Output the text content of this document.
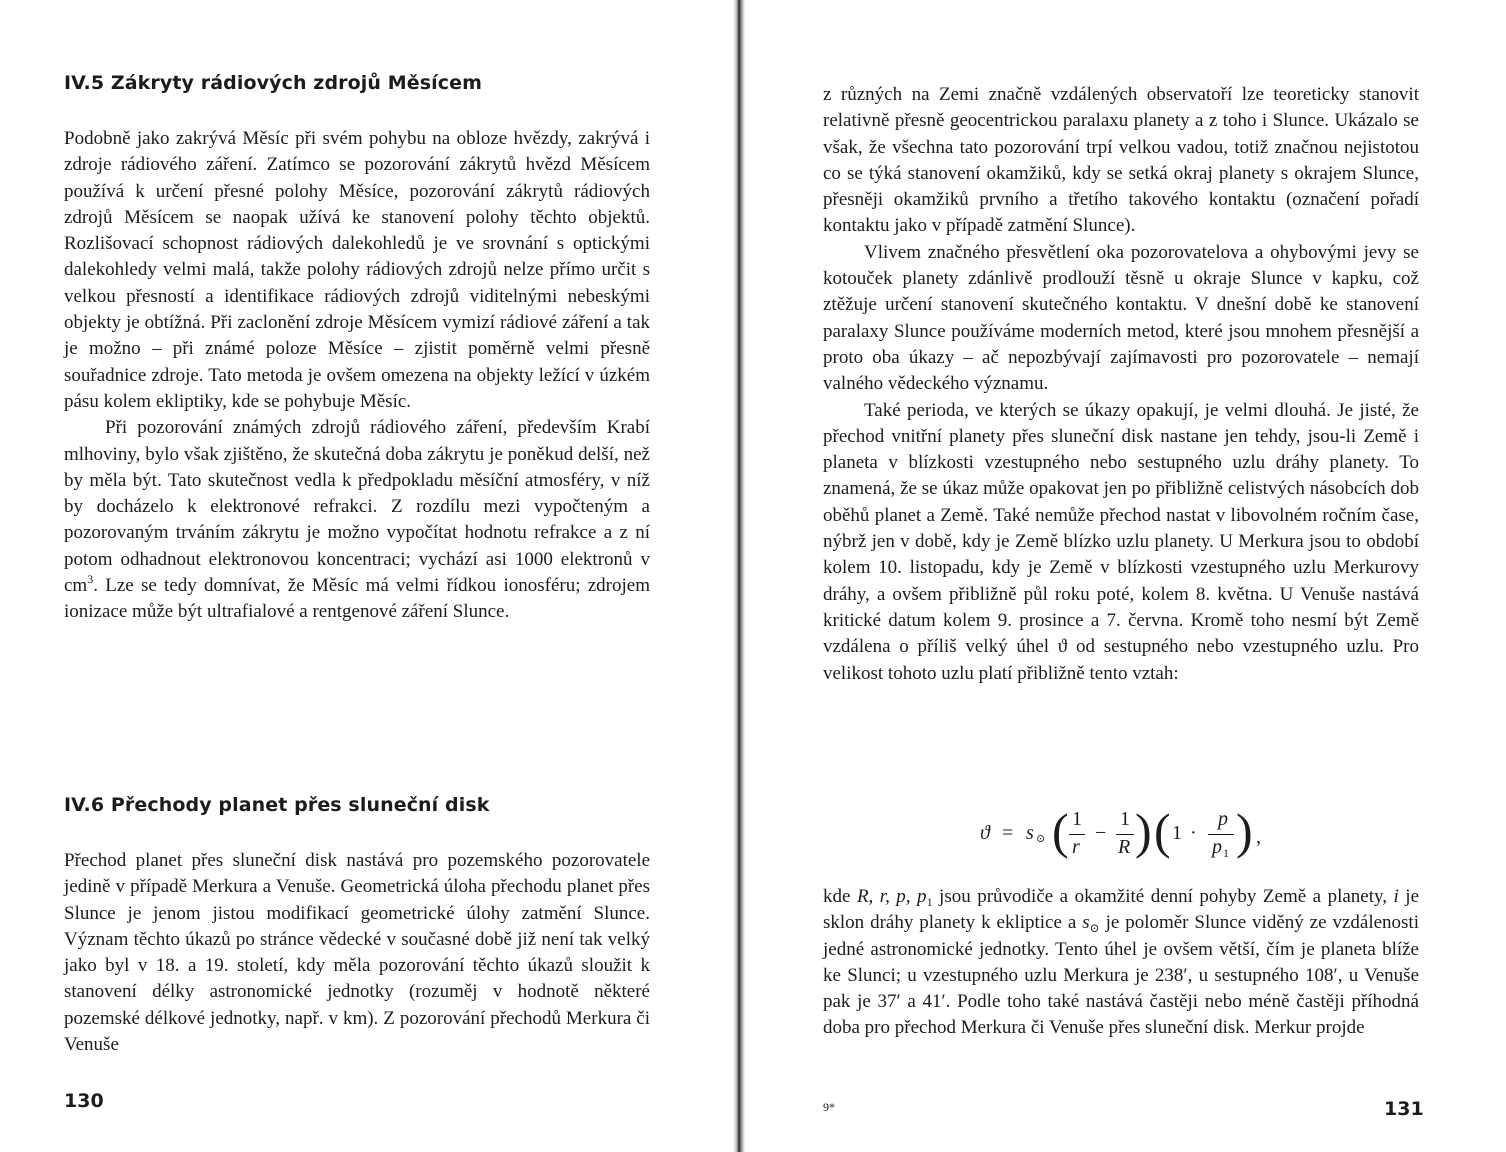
IV.5 Zákryty rádiových zdrojů Měsícem

Podobně jako zakrývá Měsíc při svém pohybu na obloze hvězdy, zakrývá i zdroje rádiového záření. Zatímco se pozorování zákrytů hvězd Měsícem používá k určení přesné polohy Měsíce, pozorování zákrytů rádiových zdrojů Měsícem se naopak užívá ke stanovení polohy těchto objektů. Rozlišovací schopnost rádiových dalekohledů je ve srovnání s optickými dalekohledy velmi malá, takže polohy rádiových zdrojů nelze přímo určit s velkou přesností a identifikace rádiových zdrojů viditelnými nebeskými objekty je obtížná. Při zaclonění zdroje Měsícem vymizí rádiové záření a tak je možno – při známé poloze Měsíce – zjistit poměrně velmi přesně souřadnice zdroje. Tato metoda je ovšem omezena na objekty ležící v úzkém pásu kolem ekliptiky, kde se pohybuje Měsíc.

Při pozorování známých zdrojů rádiového záření, především Krabí mlhoviny, bylo však zjištěno, že skutečná doba zákrytu je poněkud delší, než by měla být. Tato skutečnost vedla k předpokladu měsíční atmosféry, v níž by docházelo k elektronové refrakci. Z rozdílu mezi vypočteným a pozorovaným trváním zákrytu je možno vypočítat hodnotu refrakce a z ní potom odhadnout elektronovou koncentraci; vychází asi 1000 elektronů v $cm^3$. Lze se tedy domnívat, že Měsíc má velmi řídkou ionosféru; zdrojem ionizace může být ultrafialové a rentgenové záření Slunce.

IV.6 Přechody planet přes sluneční disk

Přechod planet přes sluneční disk nastává pro pozemského pozorovatele jedině v případě Merkura a Venuše. Geometrická úloha přechodu planet přes Slunce je jenom jistou modifikací geometrické úlohy zatmění Slunce. Význam těchto úkazů po stránce vědecké v současné době již není tak velký jako byl v 18. a 19. století, kdy měla pozorování těchto úkazů sloužit k stanovení délky astronomické jednotky (rozuměj v hodnotě některé pozemské délkové jednotky, např. v km). Z pozorování přechodů Merkura či Venuše

130

z různých na Zemi značně vzdálených observatoří lze teoreticky stanovit relativně přesně geocentrickou paralaxu planety a z toho i Slunce. Ukázalo se však, že všechna tato pozorování trpí velkou vadou, totiž značnou nejistotou co se týká stanovení okamžiků, kdy se setká okraj planety s okrajem Slunce, přesněji okamžiků prvního a třetího takového kontaktu (označení pořadí kontaktu jako v případě zatmění Slunce).

Vlivem značného přesvětlení oka pozorovatelova a ohybovými jevy se kotouček planety zdánlivě prodlouží těsně u okraje Slunce v kapku, což ztěžuje určení stanovení skutečného kontaktu. V dnešní době ke stanovení paralaxy Slunce používáme moderních metod, které jsou mnohem přesnější a proto oba úkazy – ač nepozbývají zajímavosti pro pozorovatele – nemají valného vědeckého významu.

Také perioda, ve kterých se úkazy opakují, je velmi dlouhá. Je jisté, že přechod vnitřní planety přes sluneční disk nastane jen tehdy, jsou-li Země i planeta v blízkosti vzestupného nebo sestupného uzlu dráhy planety. To znamená, že se úkaz může opakovat jen po přibližně celistvých násobcích dob oběhů planet a Země. Také nemůže přechod nastat v libovolném ročním čase, nýbrž jen v době, kdy je Země blízko uzlu planety. U Merkura jsou to období kolem 10. listopadu, kdy je Země v blízkosti vzestupného uzlu Merkurovy dráhy, a ovšem přibližně půl roku poté, kolem 8. května. U Venuše nastává kritické datum kolem 9. prosince a 7. června. Kromě toho nesmí být Země vzdálena o příliš velký úhel ϑ od sestupného nebo vzestupného uzlu. Pro velikost tohoto uzlu platí přibližně tento vztah:

ϑ = s ⊙ ( 1
r
−
1
R ) ( 1 ·
p
p 1 ) ,

kde R, r, p, $p_1$ jsou průvodiče a okamžité denní pohyby Země a planety, i je sklon dráhy planety k ekliptice a $s_⊙$ je poloměr Slunce viděný ze vzdálenosti jedné astronomické jednotky. Tento úhel je ovšem větší, čím je planeta blíže ke Slunci; u vzestupného uzlu Merkura je 238′, u sestupného 108′, u Venuše pak je 37′ a 41′. Podle toho také nastává častěji nebo méně častěji příhodná doba pro přechod Merkura či Venuše přes sluneční disk. Merkur projde

9*	131
